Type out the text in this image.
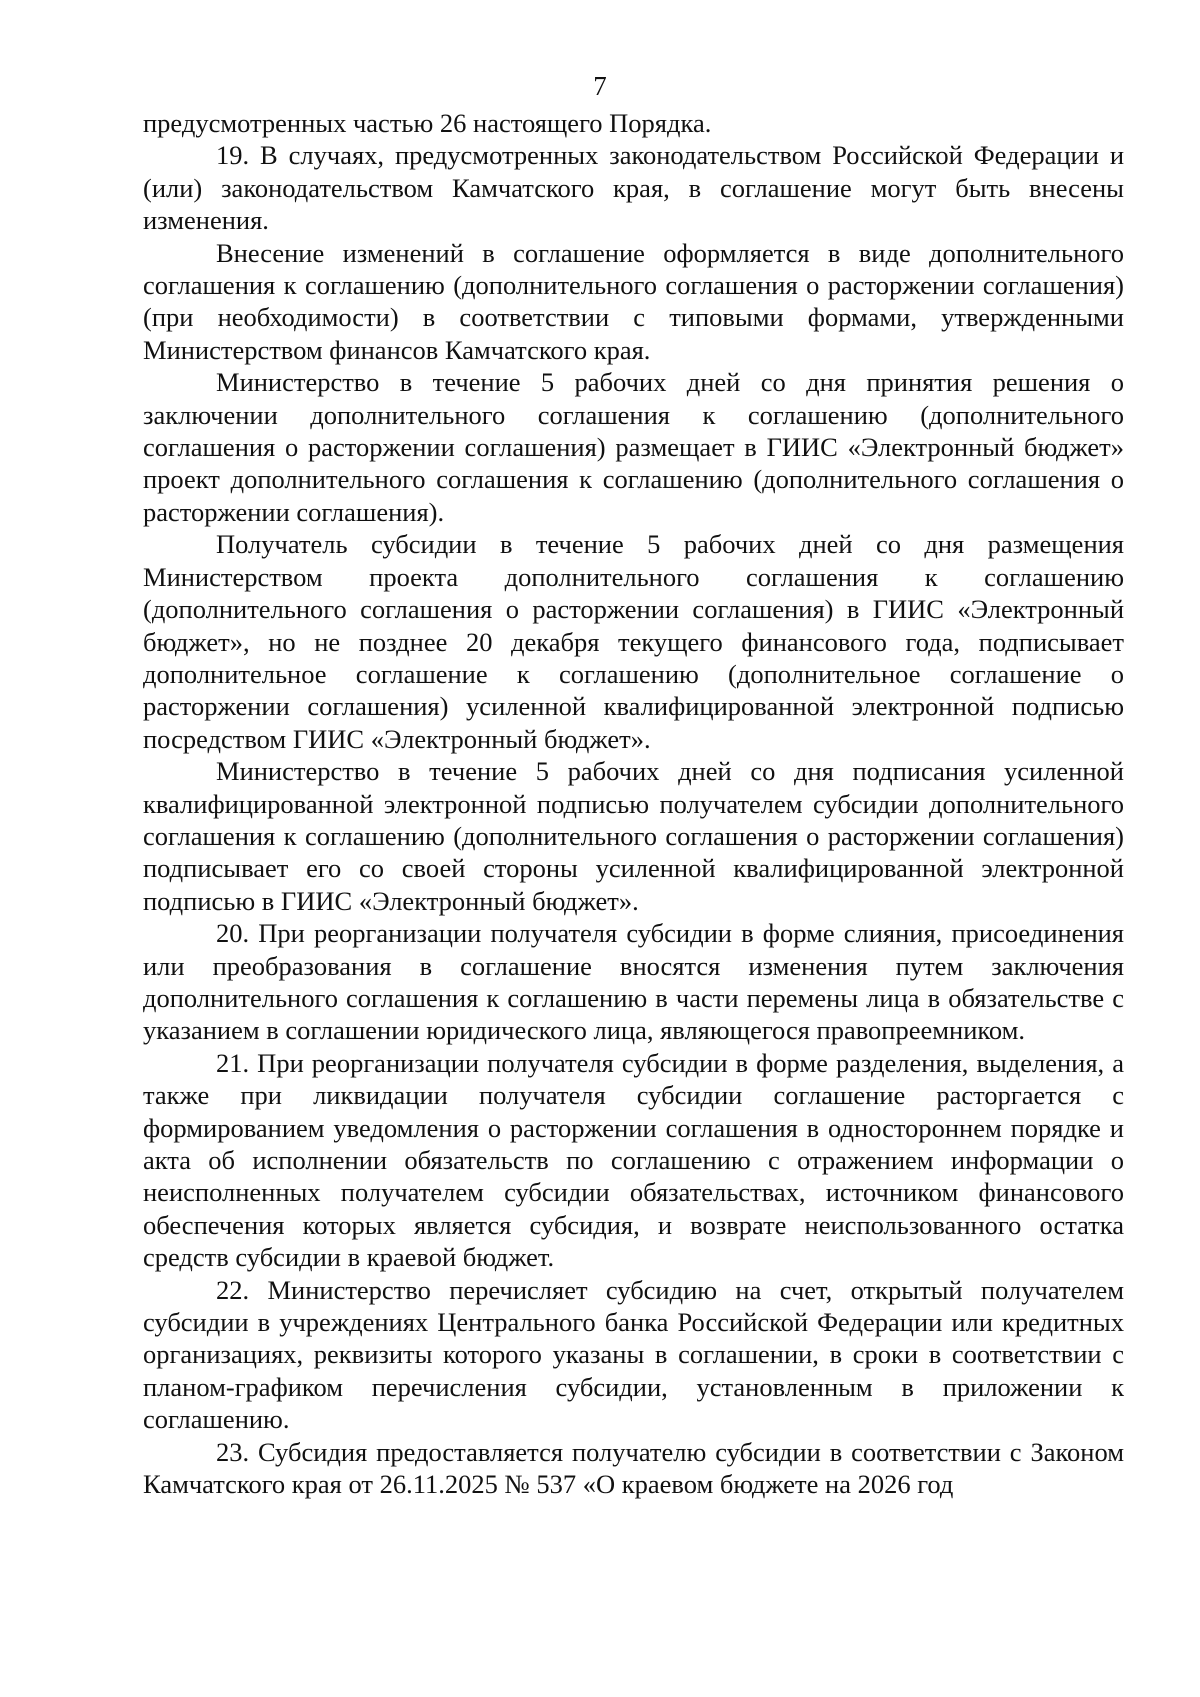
7

предусмотренных частью 26 настоящего Порядка.

19. В случаях, предусмотренных законодательством Российской Федерации и (или) законодательством Камчатского края, в соглашение могут быть внесены изменения.

Внесение изменений в соглашение оформляется в виде дополнительного соглашения к соглашению (дополнительного соглашения о расторжении соглашения) (при необходимости) в соответствии с типовыми формами, утвержденными Министерством финансов Камчатского края.

Министерство в течение 5 рабочих дней со дня принятия решения о заключении дополнительного соглашения к соглашению (дополнительного соглашения о расторжении соглашения) размещает в ГИИС «Электронный бюджет» проект дополнительного соглашения к соглашению (дополнительного соглашения о расторжении соглашения).

Получатель субсидии в течение 5 рабочих дней со дня размещения Министерством проекта дополнительного соглашения к соглашению (дополнительного соглашения о расторжении соглашения) в ГИИС «Электронный бюджет», но не позднее 20 декабря текущего финансового года, подписывает дополнительное соглашение к соглашению (дополнительное соглашение о расторжении соглашения) усиленной квалифицированной электронной подписью посредством ГИИС «Электронный бюджет».

Министерство в течение 5 рабочих дней со дня подписания усиленной квалифицированной электронной подписью получателем субсидии дополнительного соглашения к соглашению (дополнительного соглашения о расторжении соглашения) подписывает его со своей стороны усиленной квалифицированной электронной подписью в ГИИС «Электронный бюджет».

20. При реорганизации получателя субсидии в форме слияния, присоединения или преобразования в соглашение вносятся изменения путем заключения дополнительного соглашения к соглашению в части перемены лица в обязательстве с указанием в соглашении юридического лица, являющегося правопреемником.

21. При реорганизации получателя субсидии в форме разделения, выделения, а также при ликвидации получателя субсидии соглашение расторгается с формированием уведомления о расторжении соглашения в одностороннем порядке и акта об исполнении обязательств по соглашению с отражением информации о неисполненных получателем субсидии обязательствах, источником финансового обеспечения которых является субсидия, и возврате неиспользованного остатка средств субсидии в краевой бюджет.

22. Министерство перечисляет субсидию на счет, открытый получателем субсидии в учреждениях Центрального банка Российской Федерации или кредитных организациях, реквизиты которого указаны в соглашении, в сроки в соответствии с планом-графиком перечисления субсидии, установленным в приложении к соглашению.

23. Субсидия предоставляется получателю субсидии в соответствии с Законом Камчатского края от 26.11.2025 № 537 «О краевом бюджете на 2026 год
